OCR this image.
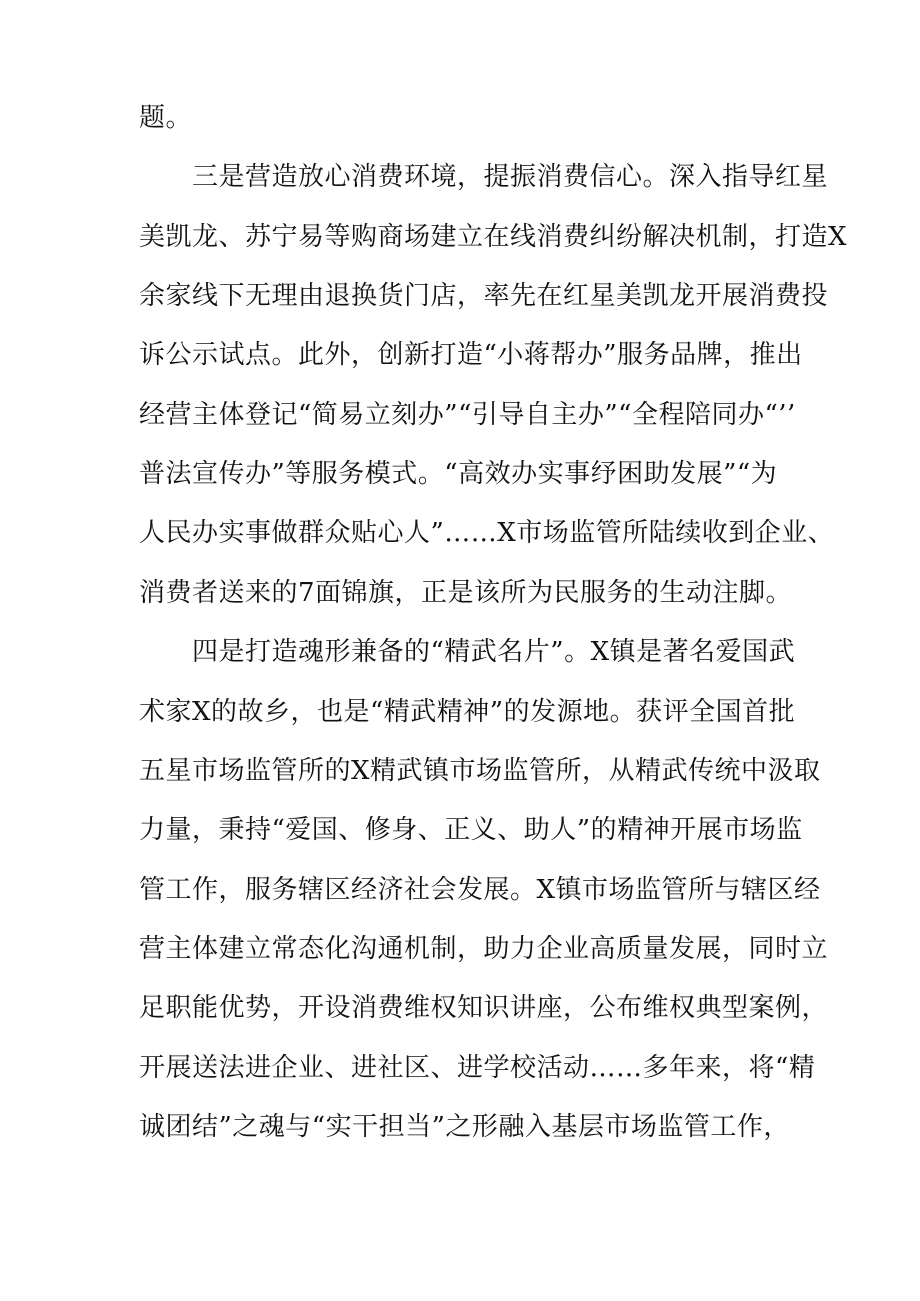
题。
三是营造放心消费环境，提振消费信心。深入指导红星
美凯龙、苏宁易等购商场建立在线消费纠纷解决机制，打造X
余家线下无理由退换货门店，率先在红星美凯龙开展消费投
诉公示试点。此外，创新打造“小蒋帮办”服务品牌，推出
经营主体登记“简易立刻办”“引导自主办”“全程陪同办“’’
普法宣传办”等服务模式。“高效办实事纾困助发展”“为
人民办实事做群众贴心人”……X市场监管所陆续收到企业、
消费者送来的7面锦旗，正是该所为民服务的生动注脚。
四是打造魂形兼备的“精武名片”。X镇是著名爱国武
术家X的故乡，也是“精武精神”的发源地。获评全国首批
五星市场监管所的X精武镇市场监管所，从精武传统中汲取
力量，秉持“爱国、修身、正义、助人”的精神开展市场监
管工作，服务辖区经济社会发展。X镇市场监管所与辖区经
营主体建立常态化沟通机制，助力企业高质量发展，同时立
足职能优势，开设消费维权知识讲座，公布维权典型案例，
开展送法进企业、进社区、进学校活动……多年来，将“精
诚团结”之魂与“实干担当”之形融入基层市场监管工作，
